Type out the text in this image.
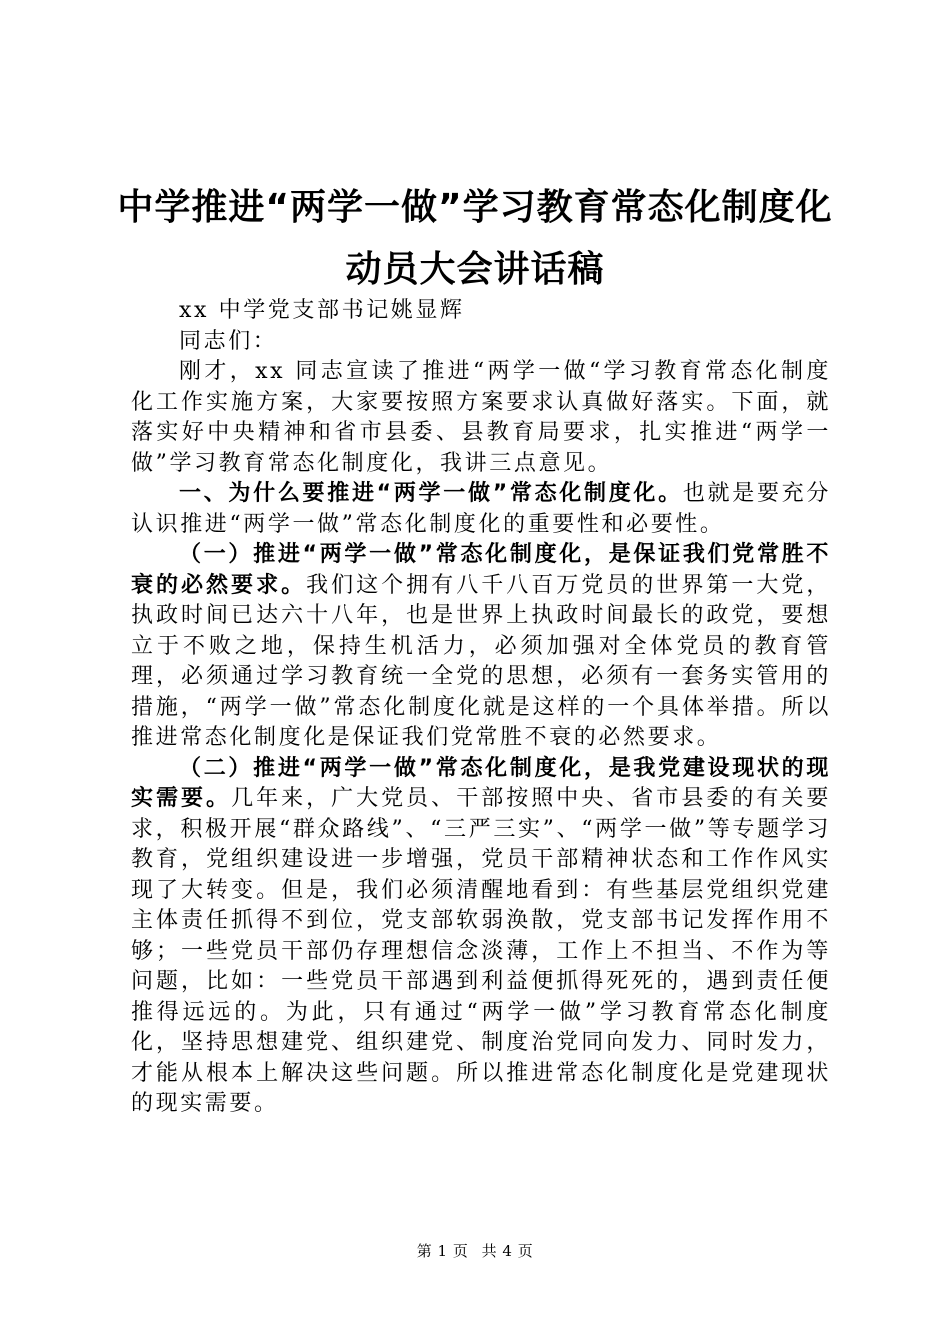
中学推进“两学一做”学习教育常态化制度化
动员大会讲话稿

xx 中学党支部书记姚显辉

同志们：

刚才，xx 同志宣读了推进“两学一做“学习教育常态化制度化工作实施方案，大家要按照方案要求认真做好落实。下面，就落实好中央精神和省市县委、县教育局要求，扎实推进“两学一做”学习教育常态化制度化，我讲三点意见。

一、为什么要推进“两学一做”常态化制度化。也就是要充分认识推进“两学一做”常态化制度化的重要性和必要性。

（一）推进“两学一做”常态化制度化，是保证我们党常胜不衰的必然要求。我们这个拥有八千八百万党员的世界第一大党，执政时间已达六十八年，也是世界上执政时间最长的政党，要想立于不败之地，保持生机活力，必须加强对全体党员的教育管理，必须通过学习教育统一全党的思想，必须有一套务实管用的措施，“两学一做”常态化制度化就是这样的一个具体举措。所以推进常态化制度化是保证我们党常胜不衰的必然要求。

（二）推进“两学一做”常态化制度化，是我党建设现状的现实需要。几年来，广大党员、干部按照中央、省市县委的有关要求，积极开展“群众路线”、“三严三实”、“两学一做”等专题学习教育，党组织建设进一步增强，党员干部精神状态和工作作风实现了大转变。但是，我们必须清醒地看到：有些基层党组织党建主体责任抓得不到位，党支部软弱涣散，党支部书记发挥作用不够；一些党员干部仍存理想信念淡薄，工作上不担当、不作为等问题，比如：一些党员干部遇到利益便抓得死死的，遇到责任便推得远远的。为此，只有通过“两学一做”学习教育常态化制度化，坚持思想建党、组织建党、制度治党同向发力、同时发力，才能从根本上解决这些问题。所以推进常态化制度化是党建现状的现实需要。

第 1 页 共 4 页
